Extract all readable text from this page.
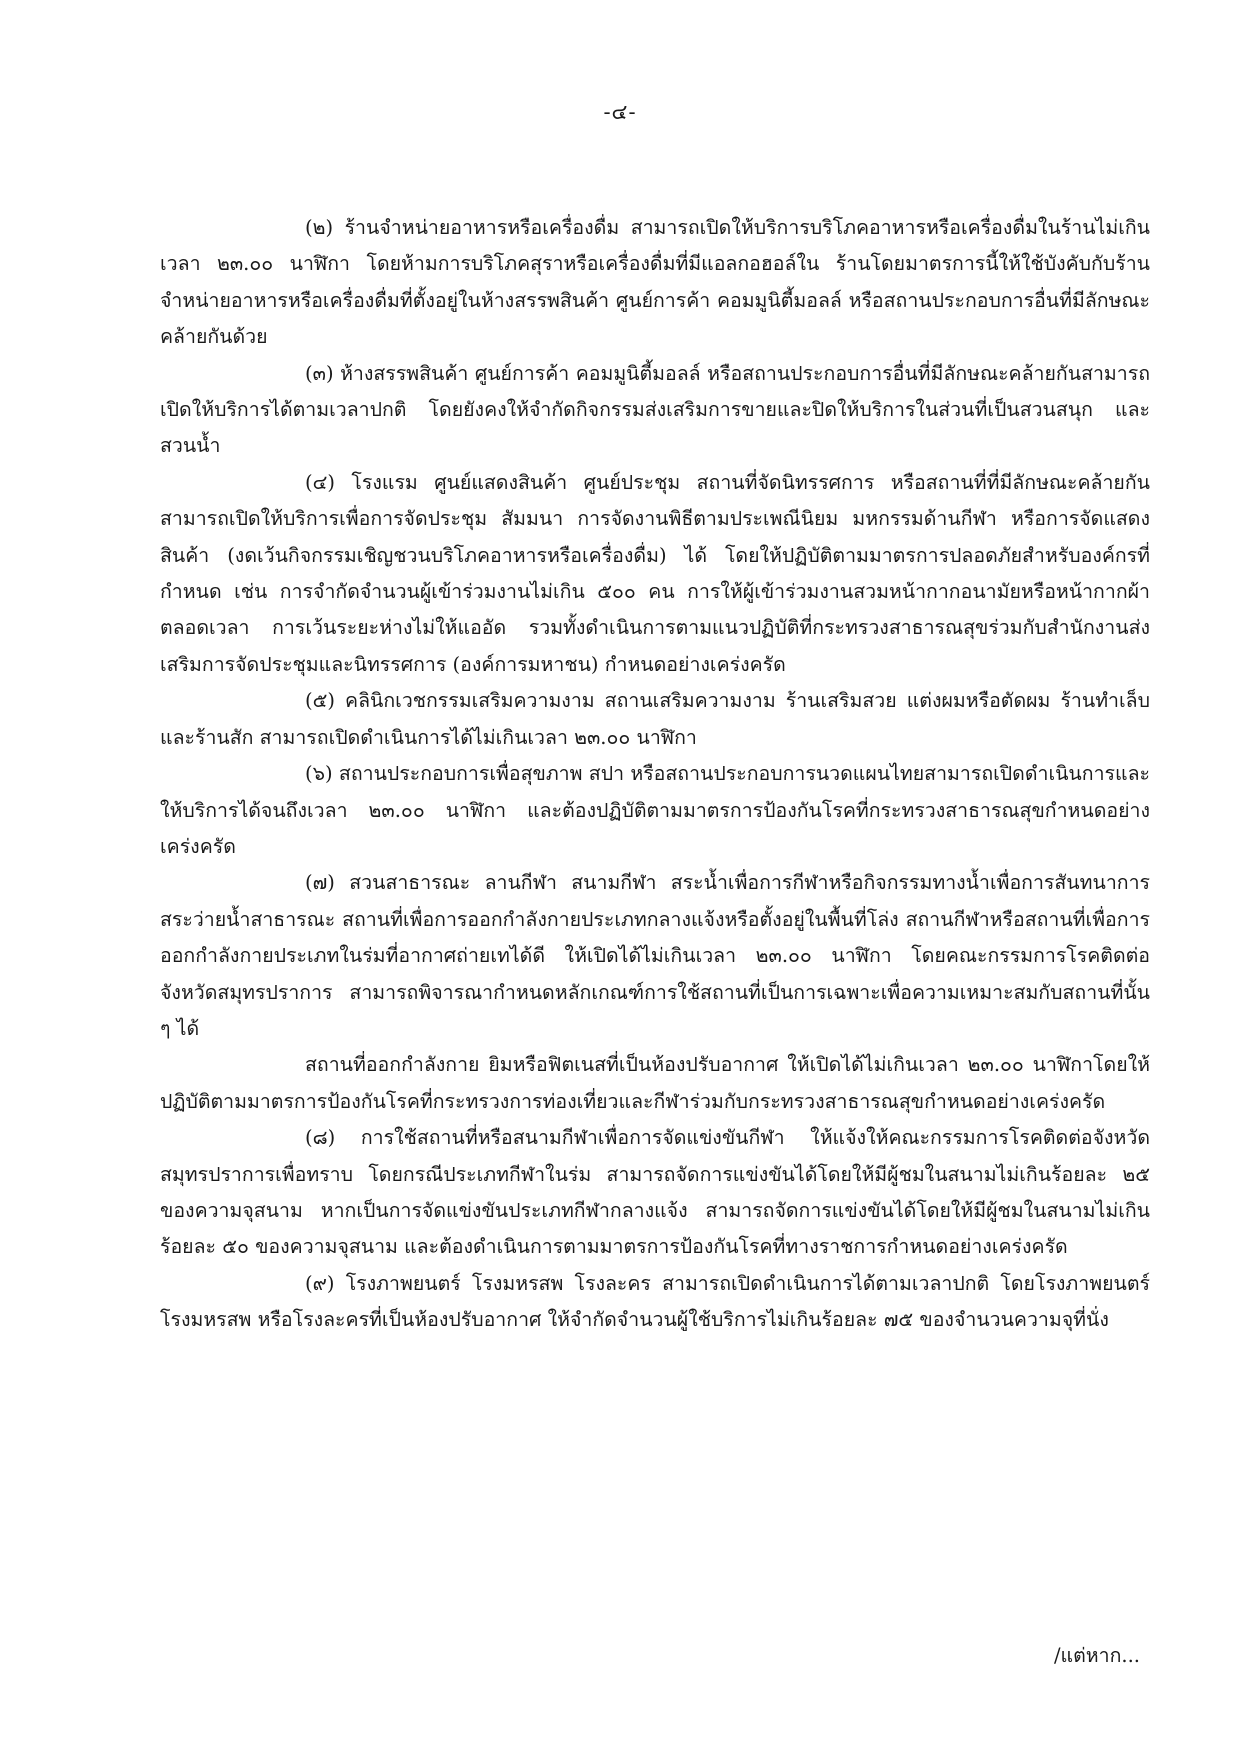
-๔-

(๒) ร้านจำหน่ายอาหารหรือเครื่องดื่ม สามารถเปิดให้บริการบริโภคอาหารหรือเครื่องดื่มในร้านไม่เกินเวลา ๒๓.๐๐ นาฬิกา โดยห้ามการบริโภคสุราหรือเครื่องดื่มที่มีแอลกอฮอล์ใน ร้านโดยมาตรการนี้ให้ใช้บังคับกับร้านจำหน่ายอาหารหรือเครื่องดื่มที่ตั้งอยู่ในห้างสรรพสินค้า ศูนย์การค้า คอมมูนิตี้มอลล์ หรือสถานประกอบการอื่นที่มีลักษณะคล้ายกันด้วย

(๓) ห้างสรรพสินค้า ศูนย์การค้า คอมมูนิตี้มอลล์ หรือสถานประกอบการอื่นที่มีลักษณะคล้ายกันสามารถเปิดให้บริการได้ตามเวลาปกติ โดยยังคงให้จำกัดกิจกรรมส่งเสริมการขายและปิดให้บริการในส่วนที่เป็นสวนสนุก และสวนน้ำ

(๔) โรงแรม ศูนย์แสดงสินค้า ศูนย์ประชุม สถานที่จัดนิทรรศการ หรือสถานที่ที่มีลักษณะคล้ายกันสามารถเปิดให้บริการเพื่อการจัดประชุม สัมมนา การจัดงานพิธีตามประเพณีนิยม มหกรรมด้านกีฬา หรือการจัดแสดงสินค้า (งดเว้นกิจกรรมเชิญชวนบริโภคอาหารหรือเครื่องดื่ม) ได้ โดยให้ปฏิบัติตามมาตรการปลอดภัยสำหรับองค์กรที่กำหนด เช่น การจำกัดจำนวนผู้เข้าร่วมงานไม่เกิน ๕๐๐ คน การให้ผู้เข้าร่วมงานสวมหน้ากากอนามัยหรือหน้ากากผ้าตลอดเวลา การเว้นระยะห่างไม่ให้แออัด รวมทั้งดำเนินการตามแนวปฏิบัติที่กระทรวงสาธารณสุขร่วมกับสำนักงานส่งเสริมการจัดประชุมและนิทรรศการ (องค์การมหาชน) กำหนดอย่างเคร่งครัด

(๕) คลินิกเวชกรรมเสริมความงาม สถานเสริมความงาม ร้านเสริมสวย แต่งผมหรือตัดผม ร้านทำเล็บและร้านสัก สามารถเปิดดำเนินการได้ไม่เกินเวลา ๒๓.๐๐ นาฬิกา

(๖) สถานประกอบการเพื่อสุขภาพ สปา หรือสถานประกอบการนวดแผนไทยสามารถเปิดดำเนินการและให้บริการได้จนถึงเวลา ๒๓.๐๐ นาฬิกา และต้องปฏิบัติตามมาตรการป้องกันโรคที่กระทรวงสาธารณสุขกำหนดอย่างเคร่งครัด

(๗) สวนสาธารณะ ลานกีฬา สนามกีฬา สระน้ำเพื่อการกีฬาหรือกิจกรรมทางน้ำเพื่อการสันทนาการสระว่ายน้ำสาธารณะ สถานที่เพื่อการออกกำลังกายประเภทกลางแจ้งหรือตั้งอยู่ในพื้นที่โล่ง สถานกีฬาหรือสถานที่เพื่อการออกกำลังกายประเภทในร่มที่อากาศถ่ายเทได้ดี ให้เปิดได้ไม่เกินเวลา ๒๓.๐๐ นาฬิกา โดยคณะกรรมการโรคติดต่อจังหวัดสมุทรปราการ สามารถพิจารณากำหนดหลักเกณฑ์การใช้สถานที่เป็นการเฉพาะเพื่อความเหมาะสมกับสถานที่นั้น ๆ ได้

สถานที่ออกกำลังกาย ยิมหรือฟิตเนสที่เป็นห้องปรับอากาศ ให้เปิดได้ไม่เกินเวลา ๒๓.๐๐ นาฬิกาโดยให้ปฏิบัติตามมาตรการป้องกันโรคที่กระทรวงการท่องเที่ยวและกีฬาร่วมกับกระทรวงสาธารณสุขกำหนดอย่างเคร่งครัด

(๘) การใช้สถานที่หรือสนามกีฬาเพื่อการจัดแข่งขันกีฬา ให้แจ้งให้คณะกรรมการโรคติดต่อจังหวัดสมุทรปราการเพื่อทราบ โดยกรณีประเภทกีฬาในร่ม สามารถจัดการแข่งขันได้โดยให้มีผู้ชมในสนามไม่เกินร้อยละ ๒๕ ของความจุสนาม หากเป็นการจัดแข่งขันประเภทกีฬากลางแจ้ง สามารถจัดการแข่งขันได้โดยให้มีผู้ชมในสนามไม่เกินร้อยละ ๕๐ ของความจุสนาม และต้องดำเนินการตามมาตรการป้องกันโรคที่ทางราชการกำหนดอย่างเคร่งครัด

(๙) โรงภาพยนตร์ โรงมหรสพ โรงละคร สามารถเปิดดำเนินการได้ตามเวลาปกติ โดยโรงภาพยนตร์โรงมหรสพ หรือโรงละครที่เป็นห้องปรับอากาศ ให้จำกัดจำนวนผู้ใช้บริการไม่เกินร้อยละ ๗๕ ของจำนวนความจุที่นั่ง

/แต่หาก...
